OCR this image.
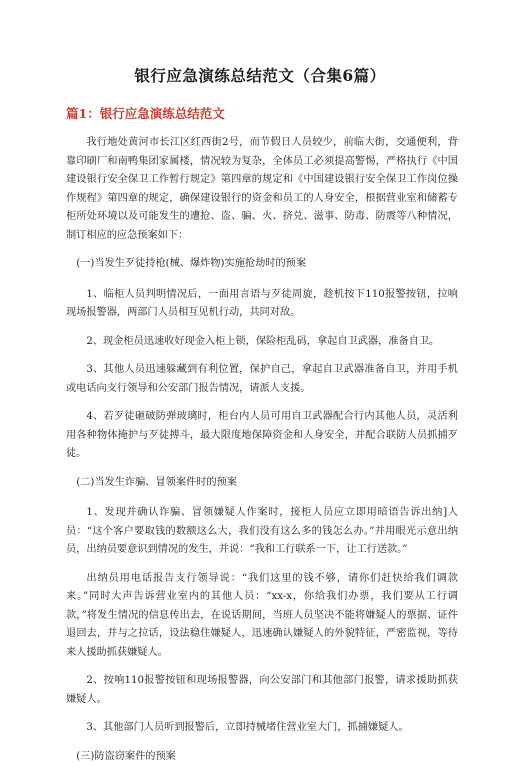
银行应急演练总结范文（合集6篇）
篇1：银行应急演练总结范文

我行地处黄河市长江区红西街2号，而节假日人员较少，前临大街，交通便利，背靠印刷厂和南鸭集团家属楼，情况较为复杂，全体员工必须提高警惕，严格执行《中国建设银行安全保卫工作暂行规定》第四章的规定和《中国建设银行安全保卫工作岗位操作规程》第四章的规定，确保建设银行的资金和员工的人身安全，根据营业室和储蓄专柜所处环境以及可能发生的遭抢、盗、骗、火、挤兑、滋事、防毒、防震等八种情况，制订相应的应急预案如下：

(一)当发生歹徒持枪(械、爆炸物)实施抢劫时的预案

1、临柜人员判明情况后，一面用言语与歹徒周旋，趁机按下110报警按钮，拉响现场报警器，两部门人员相互见机行动，共同对敌。

2、现金柜员迅速收好现金入柜上锁，保险柜乱码，拿起自卫武器，准备自卫。

3、其他人员迅速躲藏到有利位置，保护自己，拿起自卫武器准备自卫，并用手机或电话向支行领导和公安部门报告情况，请派人支援。

4、若歹徒砸破防弹玻璃时，柜台内人员可用自卫武器配合行内其他人员，灵活利用各种物体掩护与歹徒搏斗，最大限度地保障资金和人身安全，并配合联防人员抓捕歹徒。

(二)当发生诈骗、冒领案件时的预案

1、发现并确认诈骗、冒领嫌疑人作案时，接柜人员应立即用暗语告诉出纳]人员：“这个客户要取钱的数额这么大，我们没有这么多的钱怎么办。”并用眼光示意出纳员，出纳员要意识到情况的发生，并说：“我和工行联系一下，让工行送款。”

出纳员用电话报告支行领导说：“我们这里的钱不够，请你们赶快给我们调款来。”同时大声告诉营业室内的其他人员：“xx-x，你给我们办票，我们要从工行调款，”将发生情况的信息传出去，在说话期间，当班人员坚决不能将嫌疑人的票据、证件退回去，并与之拉话，设法稳住嫌疑人，迅速确认嫌疑人的外貌特征，严密监视，等待来人援助抓获嫌疑人。

2、按响110报警按钮和现场报警器，向公安部门和其他部门报警，请求援助抓获嫌疑人。

3、其他部门人员听到报警后，立即持械堵住营业室大门，抓捕嫌疑人。

(三)防盗窃案件的预案
